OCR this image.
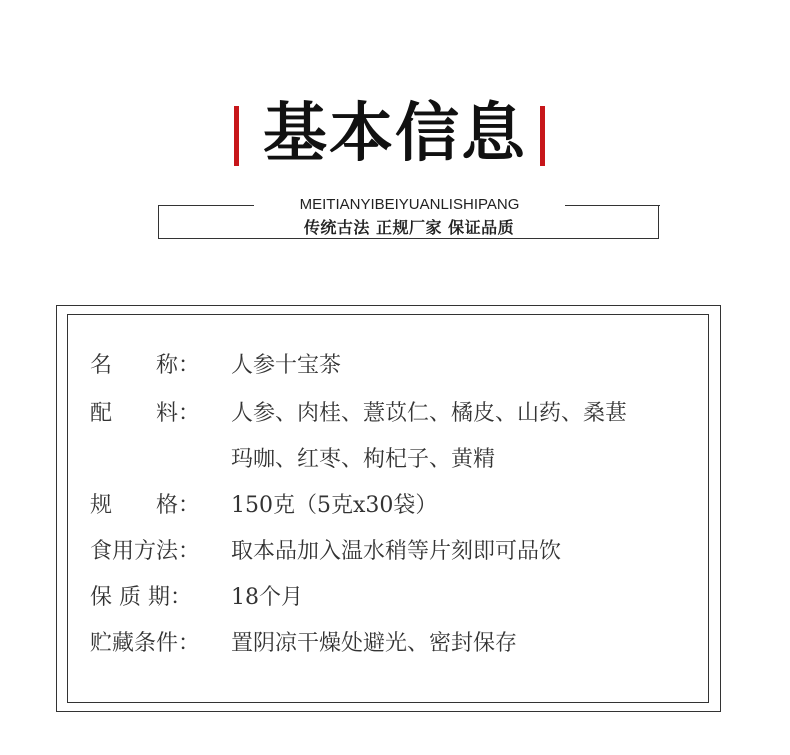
基本信息
MEITIANYIBEIYUANLISHIPANG
传统古法 正规厂家 保证品质
名　　称： 人参十宝茶
配　　料： 人参、肉桂、薏苡仁、橘皮、山药、桑葚
玛咖、红枣、枸杞子、黄精
规　　格： 150克（5克x30袋）
食用方法： 取本品加入温水稍等片刻即可品饮
保 质 期： 18个月
贮藏条件： 置阴凉干燥处避光、密封保存
